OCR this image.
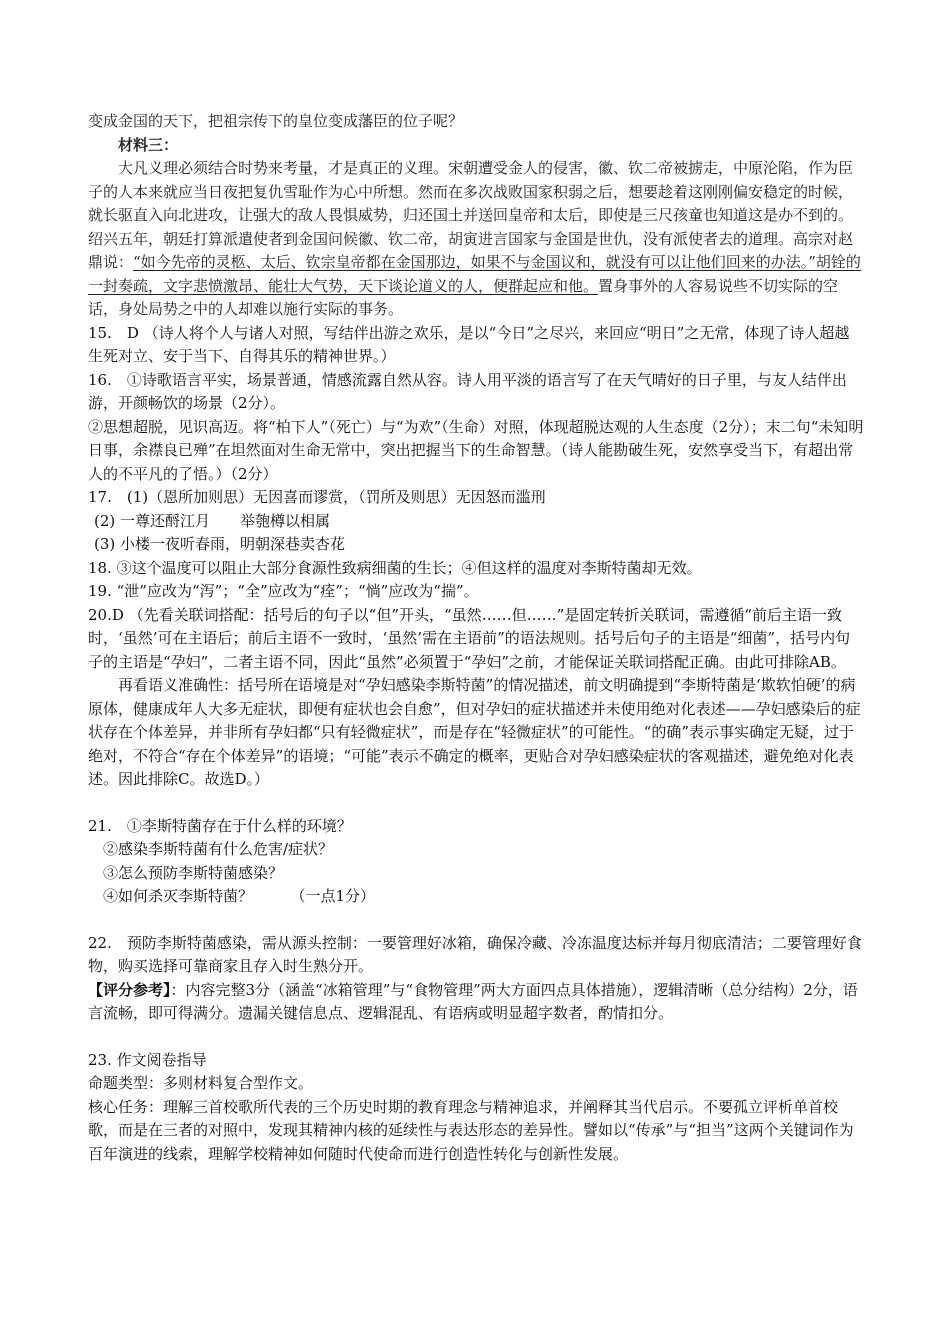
变成金国的天下，把祖宗传下的皇位变成藩臣的位子呢？

材料三：

大凡义理必须结合时势来考量，才是真正的义理。宋朝遭受金人的侵害，徽、钦二帝被掳走，中原沦陷，作为臣子的人本来就应当日夜把复仇雪耻作为心中所想。然而在多次战败国家积弱之后，想要趁着这刚刚偏安稳定的时候，就长驱直入向北进攻，让强大的敌人畏惧威势，归还国土并送回皇帝和太后，即使是三尺孩童也知道这是办不到的。绍兴五年，朝廷打算派遣使者到金国问候徽、钦二帝，胡寅进言国家与金国是世仇，没有派使者去的道理。高宗对赵鼎说：“如今先帝的灵柩、太后、钦宗皇帝都在金国那边，如果不与金国议和，就没有可以让他们回来的办法。”胡铨的一封奏疏，文字悲愤激昂、能壮大气势，天下谈论道义的人，便群起应和他。置身事外的人容易说些不切实际的空话，身处局势之中的人却难以施行实际的事务。

15.　D （诗人将个人与诸人对照，写结伴出游之欢乐，是以“今日”之尽兴，来回应“明日”之无常，体现了诗人超越生死对立、安于当下、自得其乐的精神世界。）

16.　①诗歌语言平实，场景普通，情感流露自然从容。诗人用平淡的语言写了在天气晴好的日子里，与友人结伴出游，开颜畅饮的场景（2分）。

②思想超脱，见识高迈。将“柏下人”（死亡）与“为欢”（生命）对照，体现超脱达观的人生态度（2分）；末二句“未知明日事，余襟良已殚”在坦然面对生命无常中，突出把握当下的生命智慧。（诗人能勘破生死，安然享受当下，有超出常人的不平凡的了悟。）（2分）

17.　(1)（恩所加则思）无因喜而谬赏，（罚所及则思）无因怒而滥刑

(2) 一尊还酹江月　　举匏樽以相属

(3) 小楼一夜听春雨，明朝深巷卖杏花

18. ③这个温度可以阻止大部分食源性致病细菌的生长；④但这样的温度对李斯特菌却无效。

19. “泄”应改为“泻”；“全”应改为“痊”；“惝”应改为“揣”。

20.D （先看关联词搭配：括号后的句子以“但”开头，“虽然……但……”是固定转折关联词，需遵循“前后主语一致时，‘虽然’可在主语后；前后主语不一致时，‘虽然’需在主语前”的语法规则。括号后句子的主语是“细菌”，括号内句子的主语是“孕妇”，二者主语不同，因此“虽然”必须置于“孕妇”之前，才能保证关联词搭配正确。由此可排除AB。

再看语义准确性：括号所在语境是对“孕妇感染李斯特菌”的情况描述，前文明确提到“李斯特菌是‘欺软怕硬’的病原体，健康成年人大多无症状，即便有症状也会自愈”，但对孕妇的症状描述并未使用绝对化表述——孕妇感染后的症状存在个体差异，并非所有孕妇都“只有轻微症状”，而是存在“轻微症状”的可能性。“的确”表示事实确定无疑，过于绝对，不符合“存在个体差异”的语境；“可能”表示不确定的概率，更贴合对孕妇感染症状的客观描述，避免绝对化表述。因此排除C。故选D。）

21.　①李斯特菌存在于什么样的环境？

②感染李斯特菌有什么危害/症状？

③怎么预防李斯特菌感染？

④如何杀灭李斯特菌？　　　（一点1分）

22.　预防李斯特菌感染，需从源头控制：一要管理好冰箱，确保冷藏、冷冻温度达标并每月彻底清洁；二要管理好食物，购买选择可靠商家且存入时生熟分开。

【评分参考】：内容完整3分（涵盖“冰箱管理”与“食物管理”两大方面四点具体措施），逻辑清晰（总分结构）2分，语言流畅，即可得满分。遗漏关键信息点、逻辑混乱、有语病或明显超字数者，酌情扣分。

23. 作文阅卷指导

命题类型：多则材料复合型作文。

核心任务：理解三首校歌所代表的三个历史时期的教育理念与精神追求，并阐释其当代启示。不要孤立评析单首校歌，而是在三者的对照中，发现其精神内核的延续性与表达形态的差异性。譬如以“传承”与“担当”这两个关键词作为百年演进的线索，理解学校精神如何随时代使命而进行创造性转化与创新性发展。
